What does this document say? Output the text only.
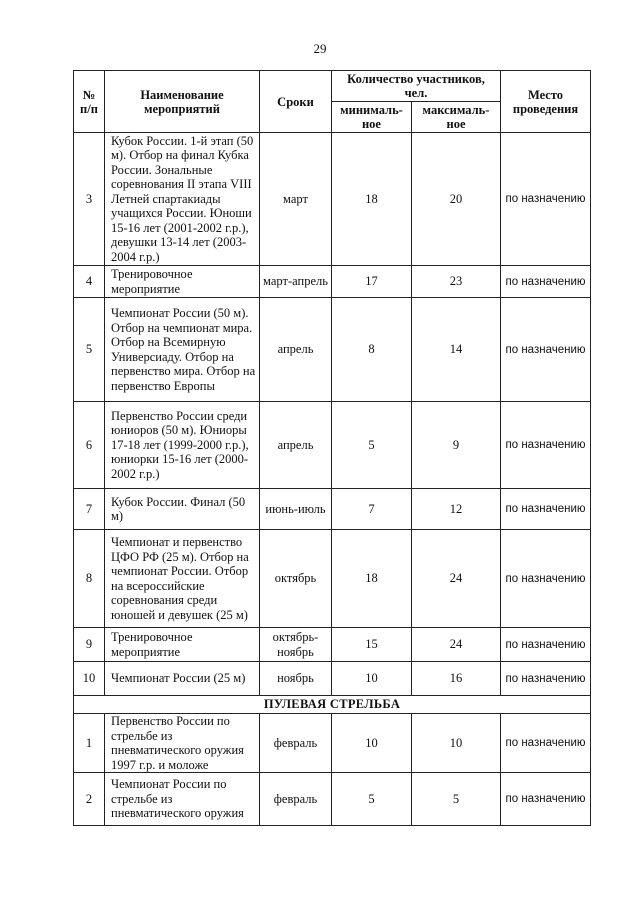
29
№ п/п	Наименование мероприятий	Сроки	Количество участников, чел.		Место проведения
			минималь-ное	максималь-ное	
3	Кубок России. 1-й этап (50 м). Отбор на финал Кубка России. Зональные соревнования II этапа VIII Летней спартакиады учащихся России. Юноши 15-16 лет (2001-2002 г.р.), девушки 13-14 лет (2003-2004 г.р.)	март	18	20	по назначению
4	Тренировочное мероприятие	март-апрель	17	23	по назначению
5	Чемпионат России (50 м). Отбор на чемпионат мира. Отбор на Всемирную Универсиаду. Отбор на первенство мира. Отбор на первенство Европы	апрель	8	14	по назначению
6	Первенство России среди юниоров (50 м). Юниоры 17-18 лет (1999-2000 г.р.), юниорки 15-16 лет (2000-2002 г.р.)	апрель	5	9	по назначению
7	Кубок России. Финал (50 м)	июнь-июль	7	12	по назначению
8	Чемпионат и первенство ЦФО РФ (25 м). Отбор на чемпионат России. Отбор на всероссийские соревнования среди юношей и девушек (25 м)	октябрь	18	24	по назначению
9	Тренировочное мероприятие	октябрь-ноябрь	15	24	по назначению
10	Чемпионат России (25 м)	ноябрь	10	16	по назначению
ПУЛЕВАЯ СТРЕЛЬБА					
1	Первенство России по стрельбе из пневматического оружия 1997 г.р. и моложе	февраль	10	10	по назначению
2	Чемпионат России по стрельбе из пневматического оружия	февраль	5	5	по назначению
